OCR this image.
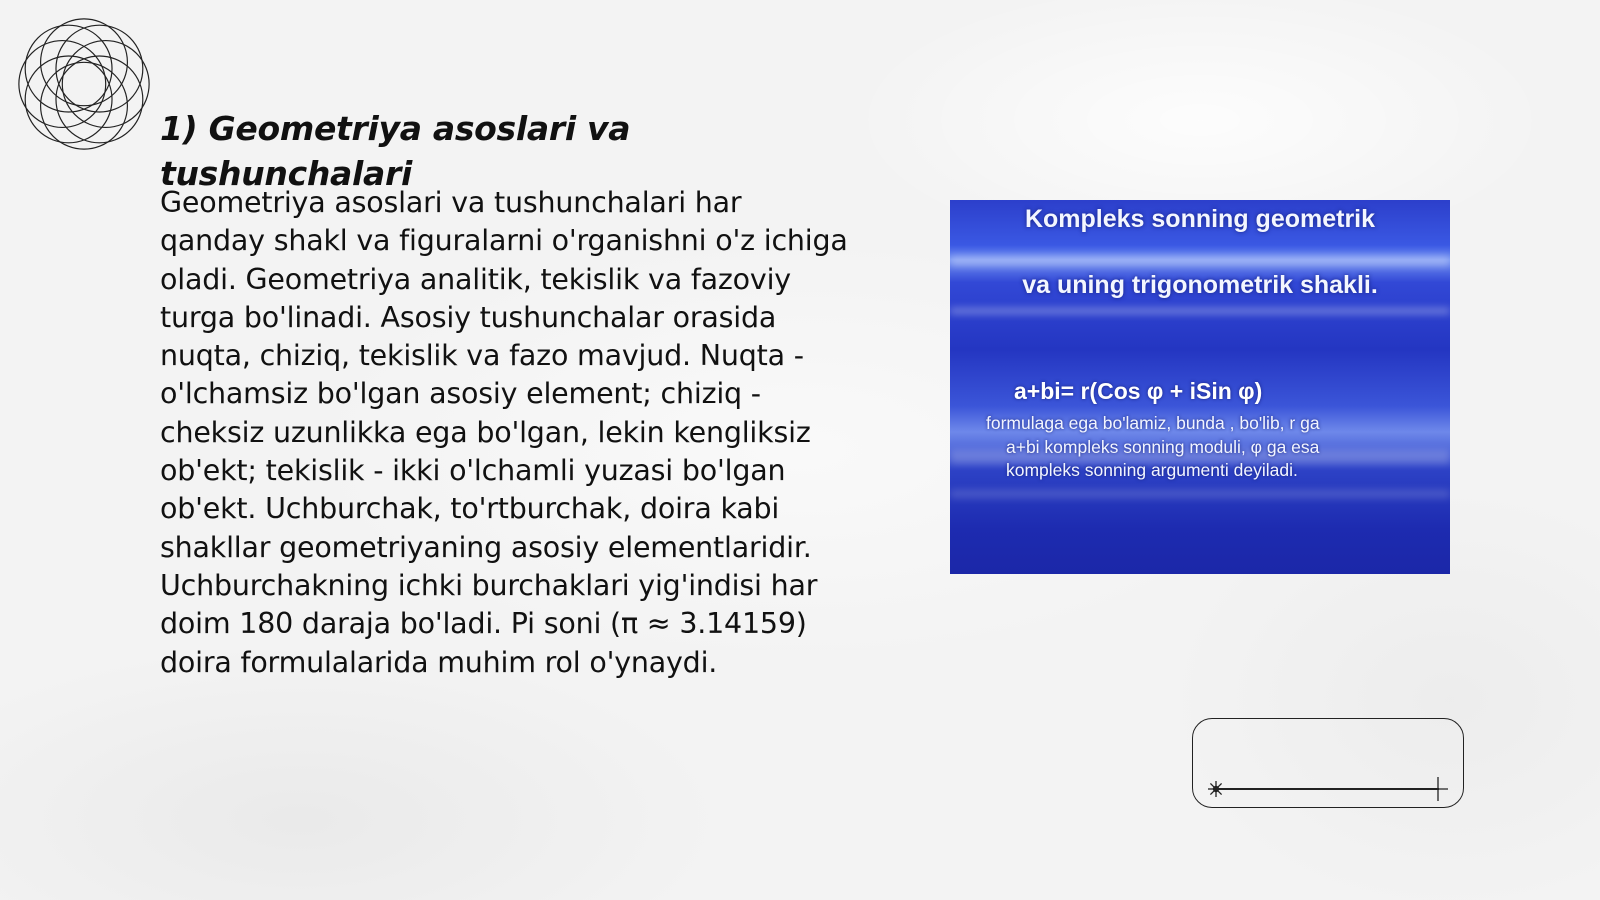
1) Geometriya asoslari va tushunchalari

Geometriya asoslari va tushunchalari har qanday shakl va figuralarni o'rganishni o'z ichiga oladi. Geometriya analitik, tekislik va fazoviy turga bo'linadi. Asosiy tushunchalar orasida nuqta, chiziq, tekislik va fazo mavjud. Nuqta - o'lchamsiz bo'lgan asosiy element; chiziq - cheksiz uzunlikka ega bo'lgan, lekin kengliksiz ob'ekt; tekislik - ikki o'lchamli yuzasi bo'lgan ob'ekt. Uchburchak, to'rtburchak, doira kabi shakllar geometriyaning asosiy elementlaridir. Uchburchakning ichki burchaklari yig'indisi har doim 180 daraja bo'ladi. Pi soni (π ≈ 3.14159) doira formulalarida muhim rol o'ynaydi.

Kompleks sonning geometrik
va uning trigonometrik shakli.
a+bi= r(Cos φ + iSin φ)
formulaga ega bo'lamiz, bunda , bo'lib, r ga
a+bi kompleks sonning moduli, φ ga esa
kompleks sonning argumenti deyiladi.
